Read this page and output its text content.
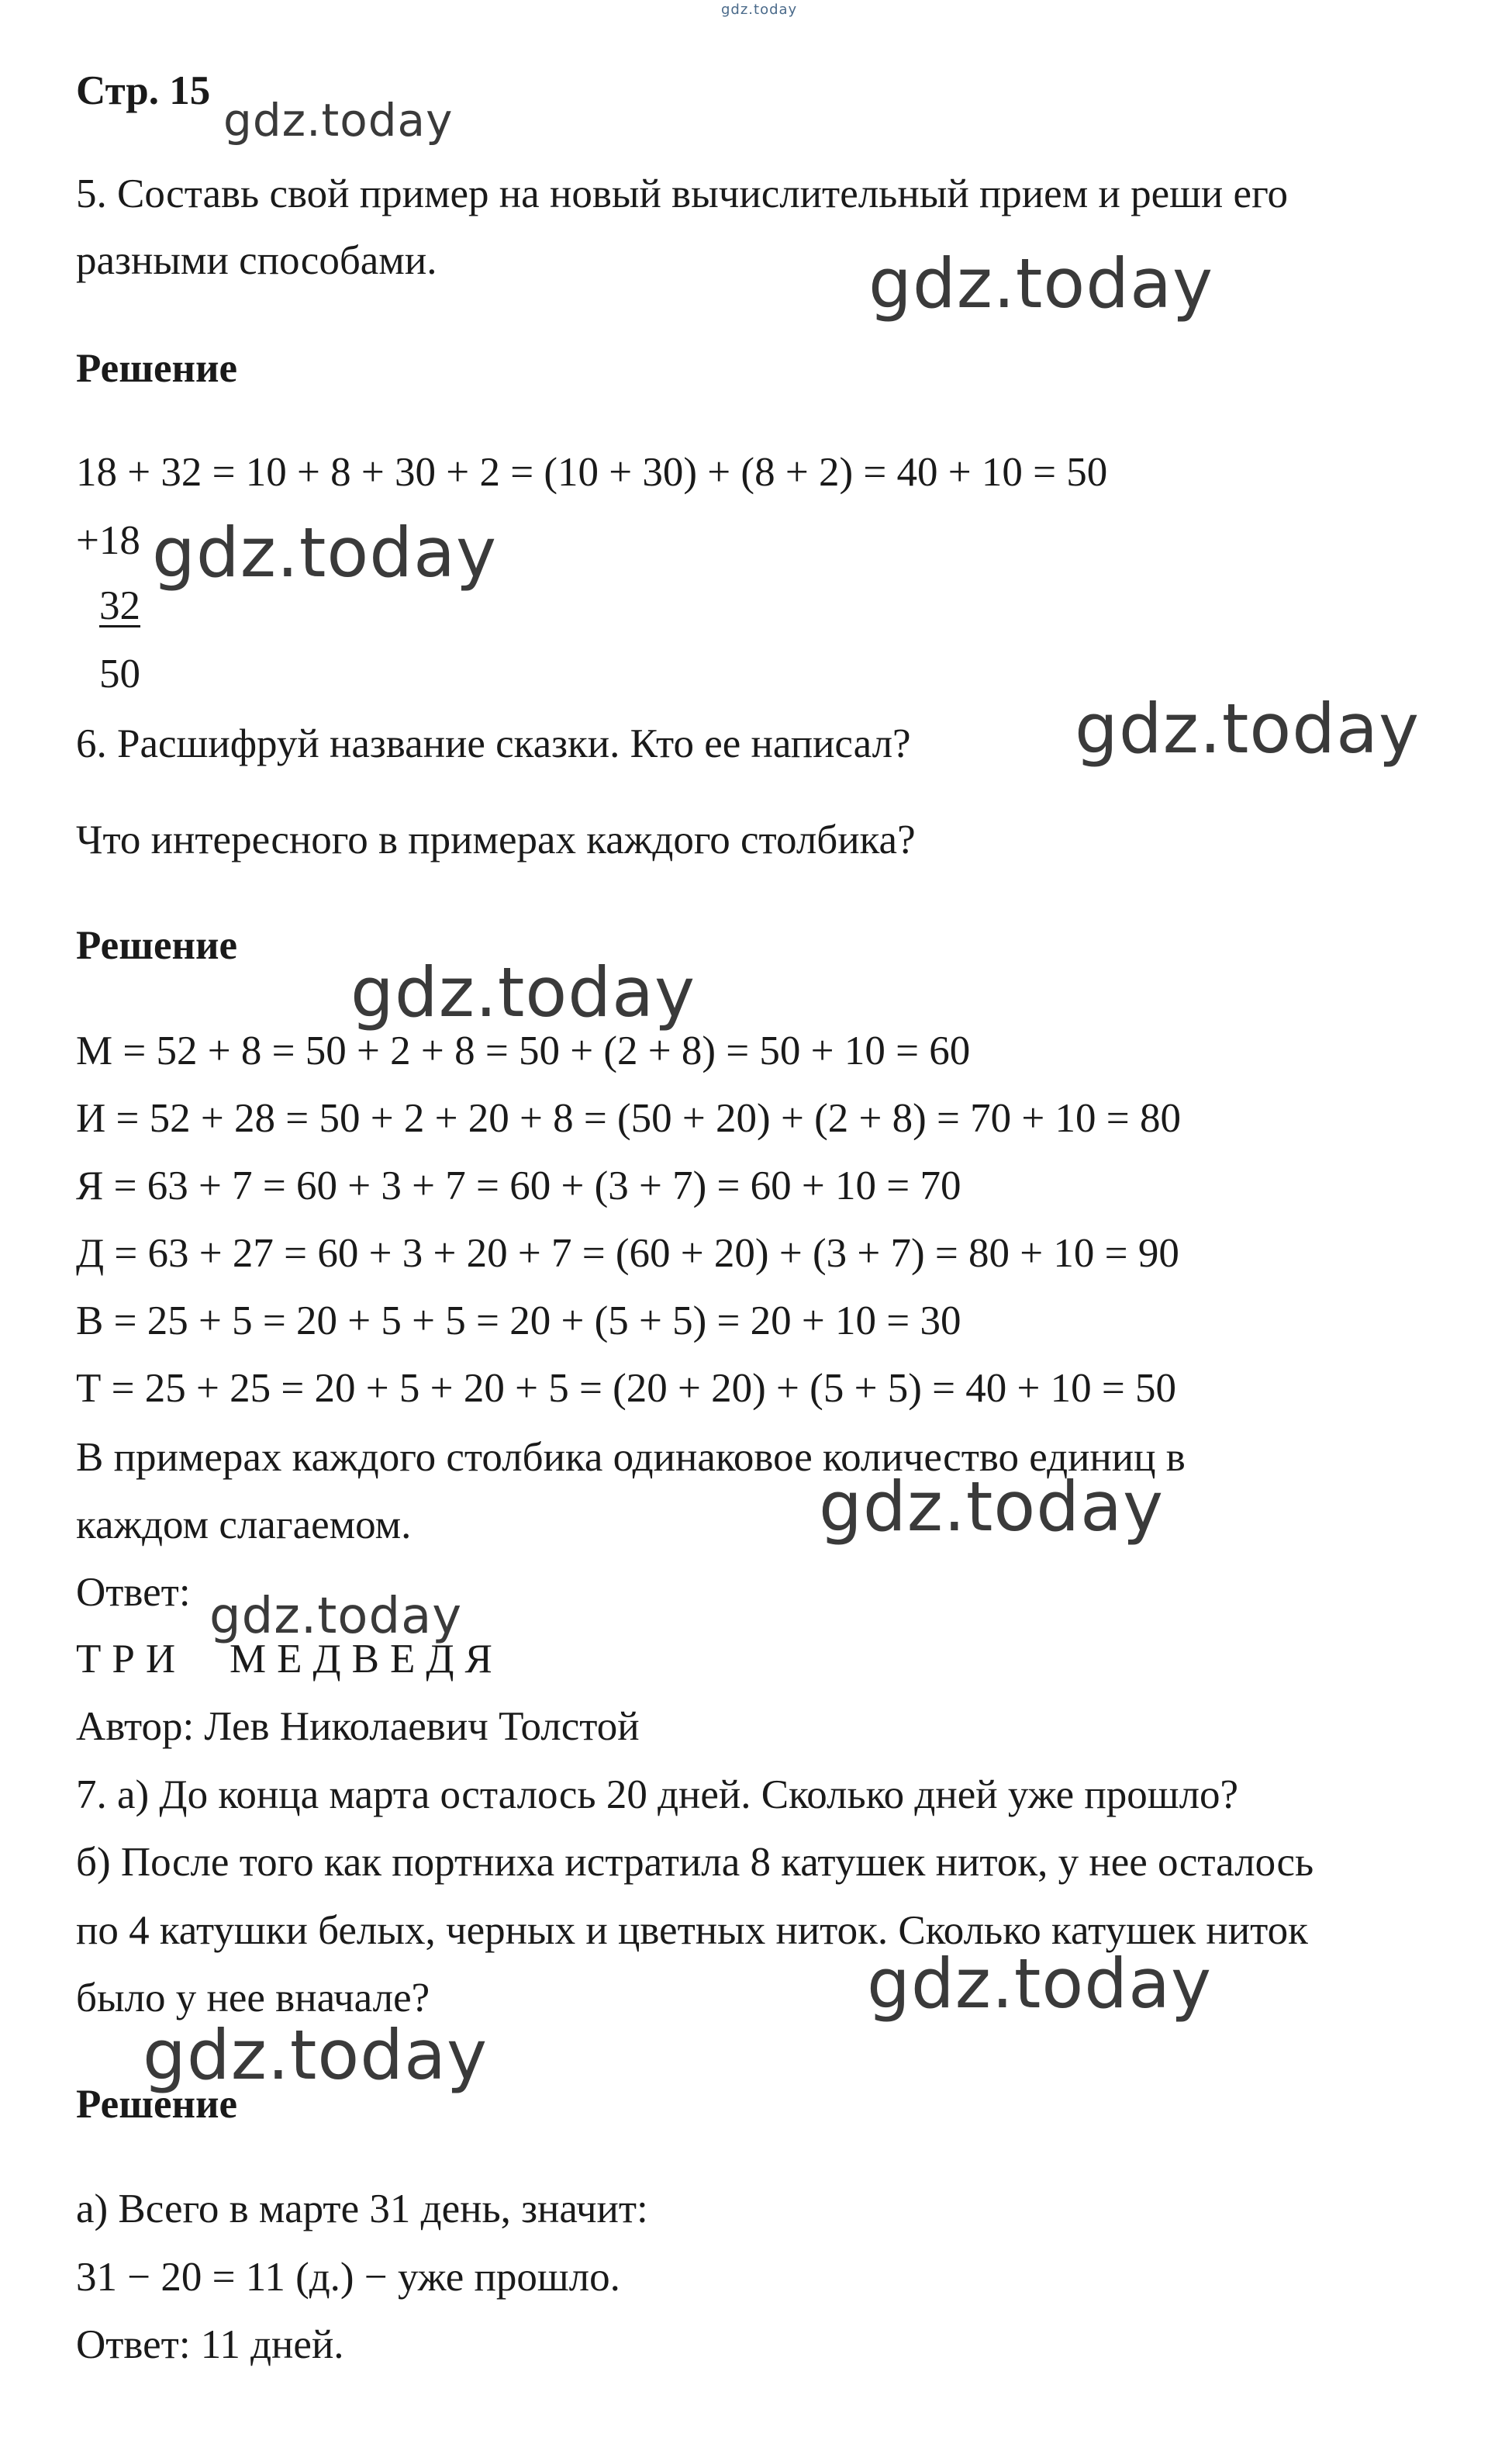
gdz.today
Стр. 15
gdz.today
5. Составь свой пример на новый вычислительный прием и реши его
разными способами.	gdz.today
Решение
18 + 32 = 10 + 8 + 30 + 2 = (10 + 30) + (8 + 2) = 40 + 10 = 50
+18 gdz.today
32
50
6. Расшифруй название сказки. Кто ее написал? gdz.today
Что интересного в примерах каждого столбика?
Решение
gdz.today
М = 52 + 8 = 50 + 2 + 8 = 50 + (2 + 8) = 50 + 10 = 60
И = 52 + 28 = 50 + 2 + 20 + 8 = (50 + 20) + (2 + 8) = 70 + 10 = 80
Я = 63 + 7 = 60 + 3 + 7 = 60 + (3 + 7) = 60 + 10 = 70
Д = 63 + 27 = 60 + 3 + 20 + 7 = (60 + 20) + (3 + 7) = 80 + 10 = 90
В = 25 + 5 = 20 + 5 + 5 = 20 + (5 + 5) = 20 + 10 = 30
Т = 25 + 25 = 20 + 5 + 20 + 5 = (20 + 20) + (5 + 5) = 40 + 10 = 50
В примерах каждого столбика одинаковое количество единиц в
каждом слагаемом.	gdz.today
Ответ: gdz.today
ТРИ МЕДВЕДЯ
Автор: Лев Николаевич Толстой
7. а) До конца марта осталось 20 дней. Сколько дней уже прошло?
б) После того как портниха истратила 8 катушек ниток, у нее осталось
по 4 катушки белых, черных и цветных ниток. Сколько катушек ниток
было у нее вначале?	gdz.today
gdz.today
Решение
а) Всего в марте 31 день, значит:
31 − 20 = 11 (д.) − уже прошло.
Ответ: 11 дней.
